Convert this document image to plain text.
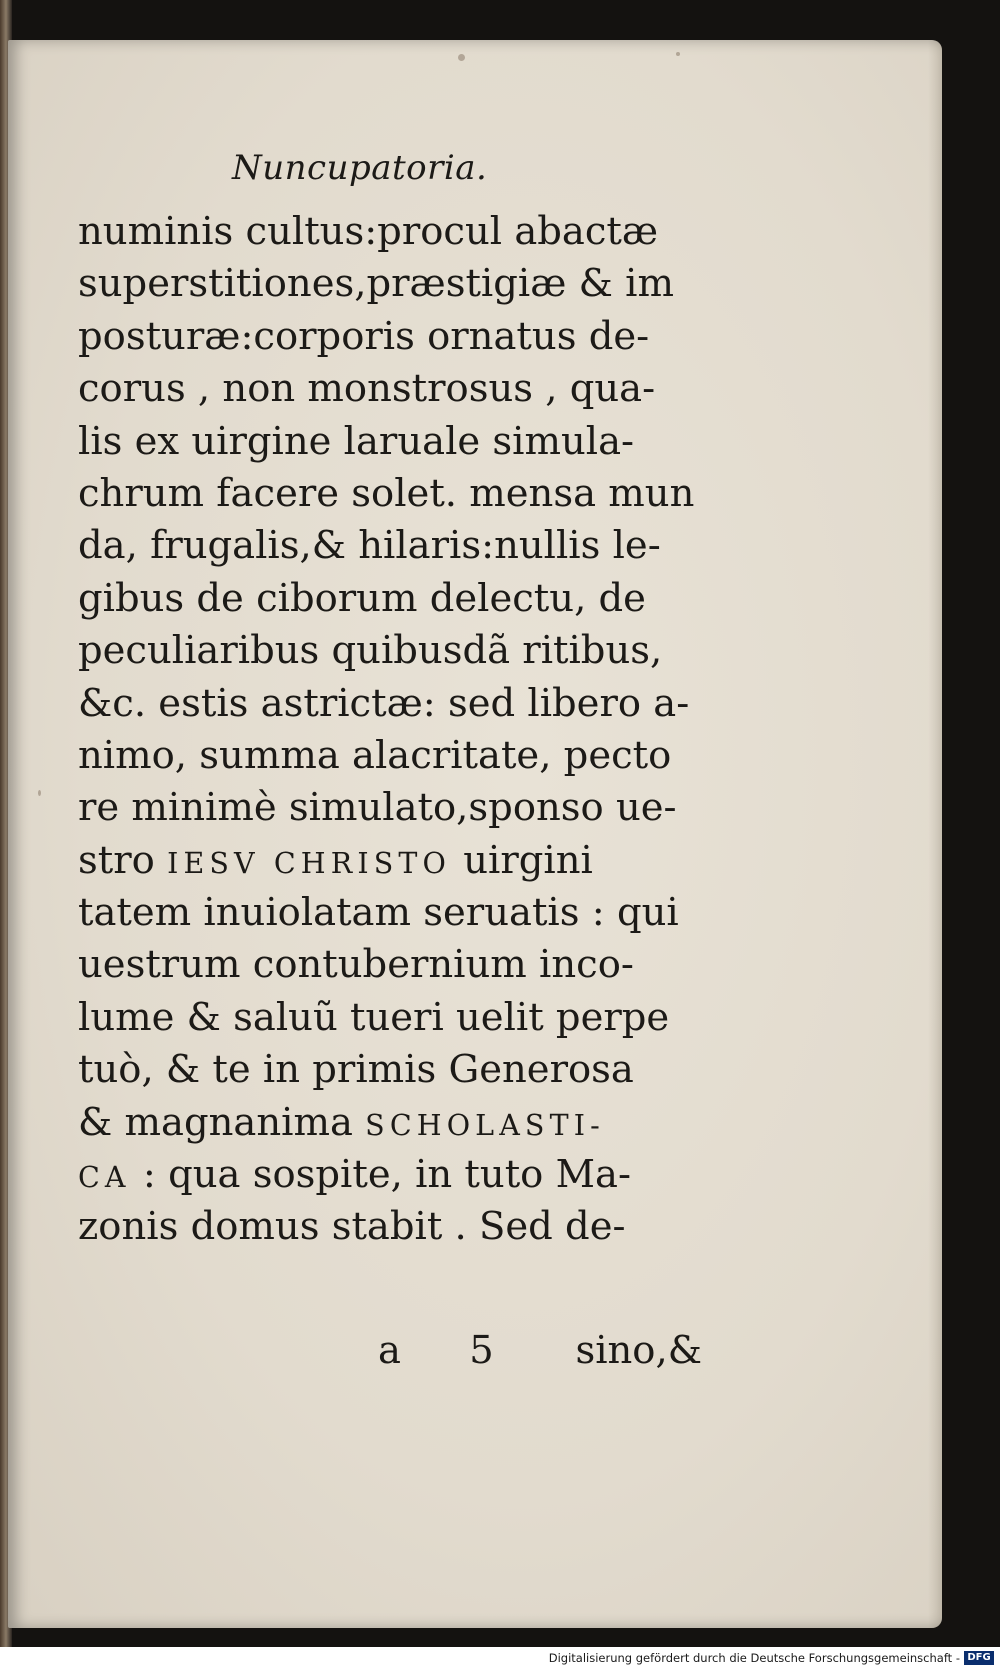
Nuncupatoria.
numinis cultus:procul abactæ
superstitiones,præstigiæ & im
posturæ:corporis ornatus de-
corus , non monstrosus , qua-
lis ex uirgine laruale simula-
chrum facere solet. mensa mun
da, frugalis,& hilaris:nullis le-
gibus de ciborum delectu, de
peculiaribus quibusdã ritibus,
&c. estis astrictæ: sed libero a-
nimo, summa alacritate, pecto
re minimè simulato,sponso ue-
stro IESV CHRISTO uirgini
tatem inuiolatam seruatis : qui
uestrum contubernium inco-
lume & saluũ tueri uelit perpe
tuò, & te in primis Generosa
& magnanima SCHOLASTI-
CA : qua sospite, in tuto Ma-
zonis domus stabit . Sed de-
a 5 sino,&
Digitalisierung gefördert durch die Deutsche Forschungsgemeinschaft - DFG
